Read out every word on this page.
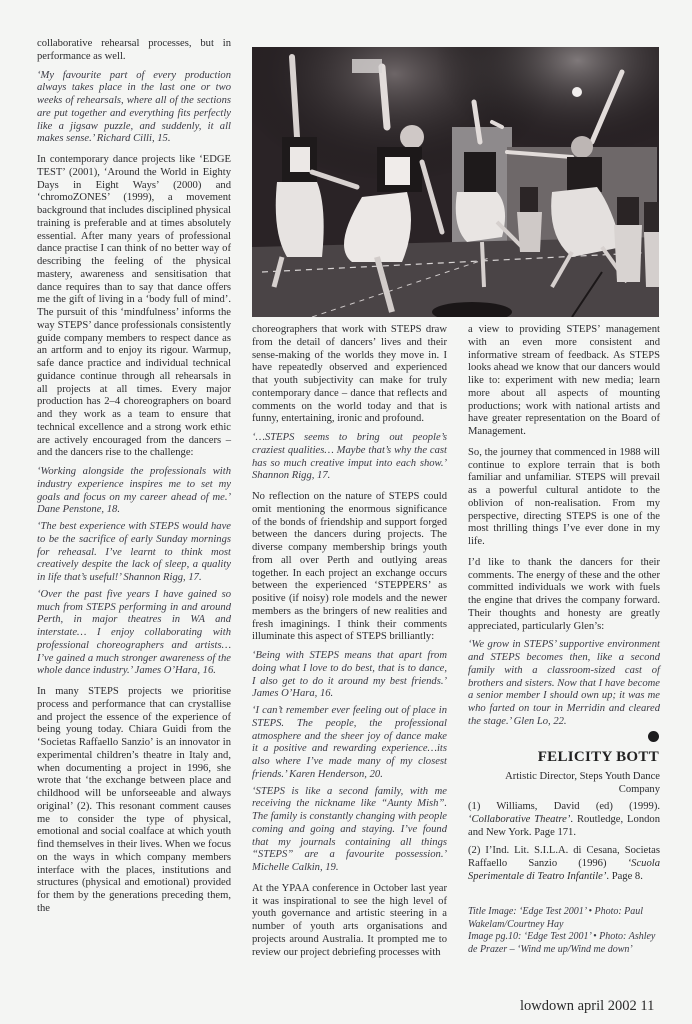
collaborative rehearsal processes, but in performance as well.

‘My favourite part of every production always takes place in the last one or two weeks of rehearsals, where all of the sections are put together and everything fits perfectly like a jigsaw puzzle, and suddenly, it all makes sense.’ Richard Cilli, 15.

In contemporary dance projects like ‘EDGE TEST’ (2001), ‘Around the World in Eighty Days in Eight Ways’ (2000) and ‘chromoZONES’ (1999), a movement background that includes disciplined physical training is preferable and at times absolutely essential. After many years of professional dance practise I can think of no better way of describing the feeling of the physical mastery, awareness and sensitisation that dance requires than to say that dance offers me the gift of living in a ‘body full of mind’. The pursuit of this ‘mindfulness’ informs the way STEPS’ dance professionals consistently guide company members to respect dance as an artform and to enjoy its rigour. Warmup, safe dance practice and individual technical guidance continue through all rehearsals in all projects at all times. Every major production has 2–4 choreographers on board and they work as a team to ensure that technical excellence and a strong work ethic are actively encouraged from the dancers – and the dancers rise to the challenge:

‘Working alongside the professionals with industry experience inspires me to set my goals and focus on my career ahead of me.’ Dane Penstone, 18.

‘The best experience with STEPS would have to be the sacrifice of early Sunday mornings for reheasal. I’ve learnt to think most creatively despite the lack of sleep, a quality in life that’s useful!’ Shannon Rigg, 17.

‘Over the past five years I have gained so much from STEPS performing in and around Perth, in major theatres in WA and interstate… I enjoy collaborating with professional choreographers and artists… I’ve gained a much stronger awareness of the whole dance industry.’ James O’Hara, 16.

In many STEPS projects we prioritise process and performance that can crystallise and project the essence of the experience of being young today. Chiara Guidi from the ‘Societas Raffaello Sanzio’ is an innovator in experimental children’s theatre in Italy and, when documenting a project in 1996, she wrote that ‘the exchange between place and childhood will be unforseeable and always original’ (2). This resonant comment causes me to consider the type of physical, emotional and social coalface at which youth find themselves in their lives. When we focus on the ways in which company members interface with the places, institutions and structures (physical and emotional) provided for them by the generations preceding them, the

choreographers that work with STEPS draw from the detail of dancers’ lives and their sense-making of the worlds they move in. I have repeatedly observed and experienced that youth subjectivity can make for truly contemporary dance – dance that reflects and comments on the world today and that is funny, entertaining, ironic and profound.

‘…STEPS seems to bring out people’s craziest qualities… Maybe that’s why the cast has so much creative imput into each show.’ Shannon Rigg, 17.

No reflection on the nature of STEPS could omit mentioning the enormous significance of the bonds of friendship and support forged between the dancers during projects. The diverse company membership brings youth from all over Perth and outlying areas together. In each project an exchange occurs between the experienced ‘STEPPERS’ as positive (if noisy) role models and the newer members as the bringers of new realities and fresh imaginings. I think their comments illuminate this aspect of STEPS brilliantly:

‘Being with STEPS means that apart from doing what I love to do best, that is to dance, I also get to do it around my best friends.’ James O’Hara, 16.

‘I can’t remember ever feeling out of place in STEPS. The people, the professional atmosphere and the sheer joy of dance make it a positive and rewarding experience…its also where I’ve made many of my closest friends.’ Karen Henderson, 20.

‘STEPS is like a second family, with me receiving the nickname like “Aunty Mish”. The family is constantly changing with people coming and going and staying. I’ve found that my journals containing all things “STEPS” are a favourite possession.’ Michelle Calkin, 19.

At the YPAA conference in October last year it was inspirational to see the high level of youth governance and artistic steering in a number of youth arts organisations and projects around Australia. It prompted me to review our project debriefing processes with

a view to providing STEPS’ management with an even more consistent and informative stream of feedback. As STEPS looks ahead we know that our dancers would like to: experiment with new media; learn more about all aspects of mounting productions; work with national artists and have greater representation on the Board of Management.

So, the journey that commenced in 1988 will continue to explore terrain that is both familiar and unfamiliar. STEPS will prevail as a powerful cultural antidote to the oblivion of non-realisation. From my perspective, directing STEPS is one of the most thrilling things I’ve ever done in my life.

I’d like to thank the dancers for their comments. The energy of these and the other committed individuals we work with fuels the engine that drives the company forward. Their thoughts and honesty are greatly appreciated, particularly Glen’s:

‘We grow in STEPS’ supportive environment and STEPS becomes then, like a second family with a classroom-sized cast of brothers and sisters. Now that I have become a senior member I should own up; it was me who farted on tour in Merridin and cleared the stage.’ Glen Lo, 22.

FELICITY BOTT
Artistic Director, Steps Youth Dance Company

(1) Williams, David (ed) (1999). ‘Collaborative Theatre’. Routledge, London and New York. Page 171.

(2) I’Ind. Lit. S.I.L.A. di Cesana, Societas Raffaello Sanzio (1996) ‘Scuola Sperimentale di Teatro Infantile’. Page 8.

Title Image: ‘Edge Test 2001’ • Photo: Paul Wakelam/Courtney Hay
Image pg.10: ‘Edge Test 2001’ • Photo: Ashley de Prazer – ‘Wind me up/Wind me down’
lowdown april 2002 11
